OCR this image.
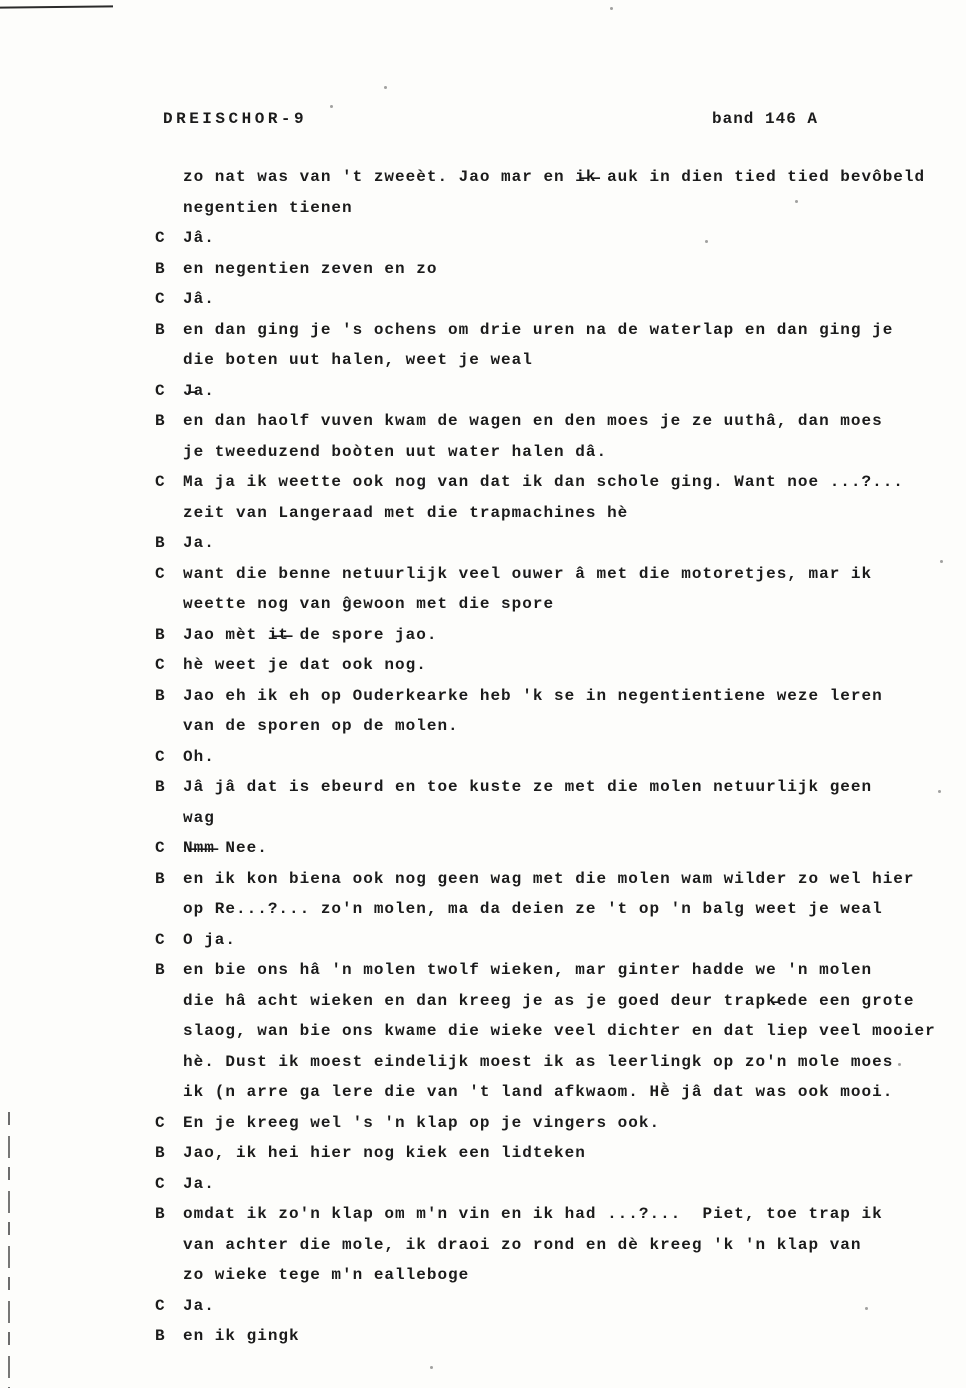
DREISCHOR-9	band 146 A
zo nat was van 't zweeèt. Jao mar en i̶k̶ auk in dien tied tied bevôbeld
negentien tienen
C	Jâ.
B	en negentien zeven en zo
C	Jâ.
B	en dan ging je 's ochens om drie uren na de waterlap en dan ging je
die boten uut halen, weet je weal
C	J̶a.
B	en dan haolf vuven kwam de wagen en den moes je ze uuthâ, dan moes
je tweeduzend boòten uut water halen dâ.
C	Ma ja ik weette ook nog van dat ik dan schole ging. Want noe ...?...
zeit van Langeraad met die trapmachines hè
B	Ja.
C	want die benne netuurlijk veel ouwer â met die motoretjes, mar ik
weette nog van ĝewoon met die spore
B	Jao mèt i̶t̶ de spore jao.
C	hè weet je dat ook nog.
B	Jao eh ik eh op Ouderkearke heb 'k se in negentientiene weze leren
van de sporen op de molen.
C	Oh.
B	Jâ jâ dat is ebeurd en toe kuste ze met die molen netuurlijk geen
wag
C	N̶m̶m̶ Nee.
B	en ik kon biena ook nog geen wag met die molen wam wilder zo wel hier
op Re...?... zo'n molen, ma da deien ze 't op 'n balg weet je weal
C	O ja.
B	en bie ons hâ 'n molen twolf wieken, mar ginter hadde we 'n molen
die hâ acht wieken en dan kreeg je as je goed deur trapk̶ede een grote
slaog, wan bie ons kwame die wieke veel dichter en dat liep veel mooier
hè. Dust ik moest eindelijk moest ik as leerlingk op zo'n mole moes
ik (n arre ga lere die van 't land afkwaom. Hḕ jâ dat was ook mooi.
C	En je kreeg wel 's 'n klap op je vingers ook.
B	Jao, ik hei hier nog kiek een lidteken
C	Ja.
B	omdat ik zo'n klap om m'n vin en ik had ...?...  Piet, toe trap ik
van achter die mole, ik draoi zo rond en dè kreeg 'k 'n klap van
zo wieke tege m'n ealleboge
C	Ja.
B	en ik gingk
